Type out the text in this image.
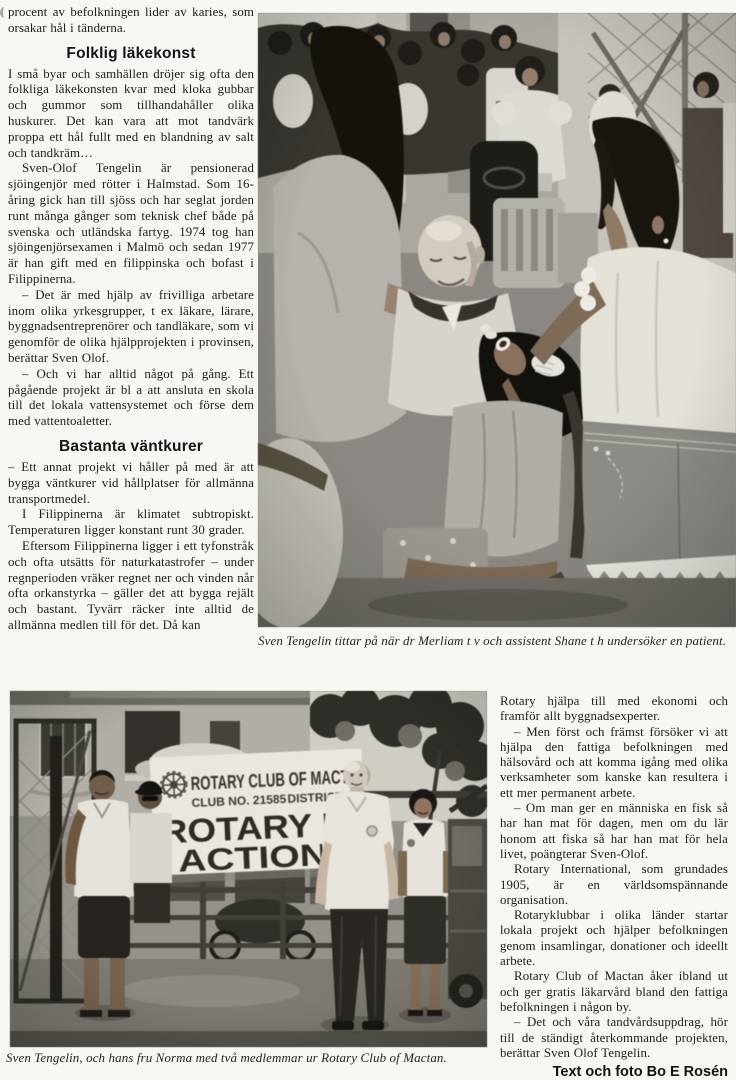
procent av befolkningen lider av karies, som orsakar hål i tänderna.

Folklig läkekonst

I små byar och samhällen dröjer sig ofta den folkliga läkekonsten kvar med kloka gubbar och gummor som tillhandahåller olika huskurer. Det kan vara att mot tandvärk proppa ett hål fullt med en blandning av salt och tandkräm…

Sven-Olof Tengelin är pensionerad sjöingenjör med rötter i Halmstad. Som 16-åring gick han till sjöss och har seglat jorden runt många gånger som teknisk chef både på svenska och utländska fartyg. 1974 tog han sjöingenjörsexamen i Malmö och sedan 1977 är han gift med en filippinska och bofast i Filippinerna.

– Det är med hjälp av frivilliga arbetare inom olika yrkesgrupper, t ex läkare, lärare, byggnadsentreprenörer och tandläkare, som vi genomför de olika hjälpprojekten i provinsen, berättar Sven Olof.

– Och vi har alltid något på gång. Ett pågående projekt är bl a att ansluta en skola till det lokala vattensystemet och förse dem med vattentoaletter.

Bastanta väntkurer

– Ett annat projekt vi håller på med är att bygga väntkurer vid hållplatser för allmänna transportmedel.

I Filippinerna är klimatet subtropiskt. Temperaturen ligger konstant runt 30 grader.

Eftersom Filippinerna ligger i ett tyfonstråk och ofta utsätts för naturkatastrofer – under regnperioden vräker regnet ner och vinden når ofta orkanstyrka – gäller det att bygga rejält och bastant. Tyvärr räcker inte alltid de allmänna medlen till för det. Då kan

Sven Tengelin tittar på när dr Merliam t v och assistent Shane t h undersöker en patient.
Sven Tengelin, och hans fru Norma med två medlemmar ur Rotary Club of Mactan.

Rotary hjälpa till med ekonomi och framför allt byggnadsexperter.

– Men först och främst försöker vi att hjälpa den fattiga befolkningen med hälsovård och att komma igång med olika verksamheter som kanske kan resultera i ett mer permanent arbete.

– Om man ger en människa en fisk så har han mat för dagen, men om du lär honom att fiska så har han mat för hela livet, poängterar Sven-Olof.

Rotary International, som grundades 1905, är en världsomspännande organisation.

Rotaryklubbar i olika länder startar lokala projekt och hjälper befolkningen genom insamlingar, donationer och ideellt arbete.

Rotary Club of Mactan åker ibland ut och ger gratis läkarvård bland den fattiga befolkningen i någon by.

– Det och våra tandvårdsuppdrag, hör till de ständigt återkommande projekten, berättar Sven Olof Tengelin.

Text och foto Bo E Rosén
